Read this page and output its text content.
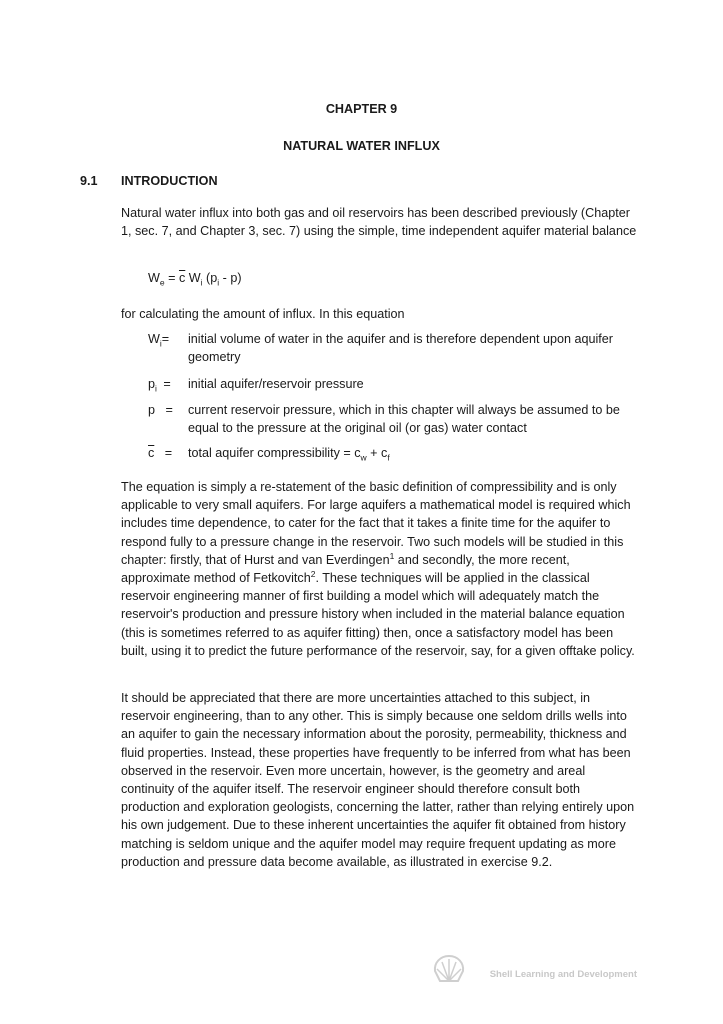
CHAPTER 9
NATURAL WATER INFLUX
9.1 INTRODUCTION
Natural water influx into both gas and oil reservoirs has been described previously (Chapter 1, sec. 7, and Chapter 3, sec. 7) using the simple, time independent aquifer material balance
$W_e = \overline{c}$ $W_i$ $(p_i - p)$
for calculating the amount of influx. In this equation
$W_i=$ initial volume of water in the aquifer and is therefore dependent upon aquifer geometry
$p_i$ = initial aquifer/reservoir pressure
p = current reservoir pressure, which in this chapter will always be assumed to be equal to the pressure at the original oil (or gas) water contact
$\overline{c}$ = total aquifer compressibility = $c_w + c_f$
The equation is simply a re-statement of the basic definition of compressibility and is only applicable to very small aquifers. For large aquifers a mathematical model is required which includes time dependence, to cater for the fact that it takes a finite time for the aquifer to respond fully to a pressure change in the reservoir. Two such models will be studied in this chapter: firstly, that of Hurst and van Everdingen$^1$ and secondly, the more recent, approximate method of Fetkovitch$^2$. These techniques will be applied in the classical reservoir engineering manner of first building a model which will adequately match the reservoir's production and pressure history when included in the material balance equation (this is sometimes referred to as aquifer fitting) then, once a satisfactory model has been built, using it to predict the future performance of the reservoir, say, for a given offtake policy.
It should be appreciated that there are more uncertainties attached to this subject, in reservoir engineering, than to any other. This is simply because one seldom drills wells into an aquifer to gain the necessary information about the porosity, permeability, thickness and fluid properties. Instead, these properties have frequently to be inferred from what has been observed in the reservoir. Even more uncertain, however, is the geometry and areal continuity of the aquifer itself. The reservoir engineer should therefore consult both production and exploration geologists, concerning the latter, rather than relying entirely upon his own judgement. Due to these inherent uncertainties the aquifer fit obtained from history matching is seldom unique and the aquifer model may require frequent updating as more production and pressure data become available, as illustrated in exercise 9.2.
Shell Learning and Development
